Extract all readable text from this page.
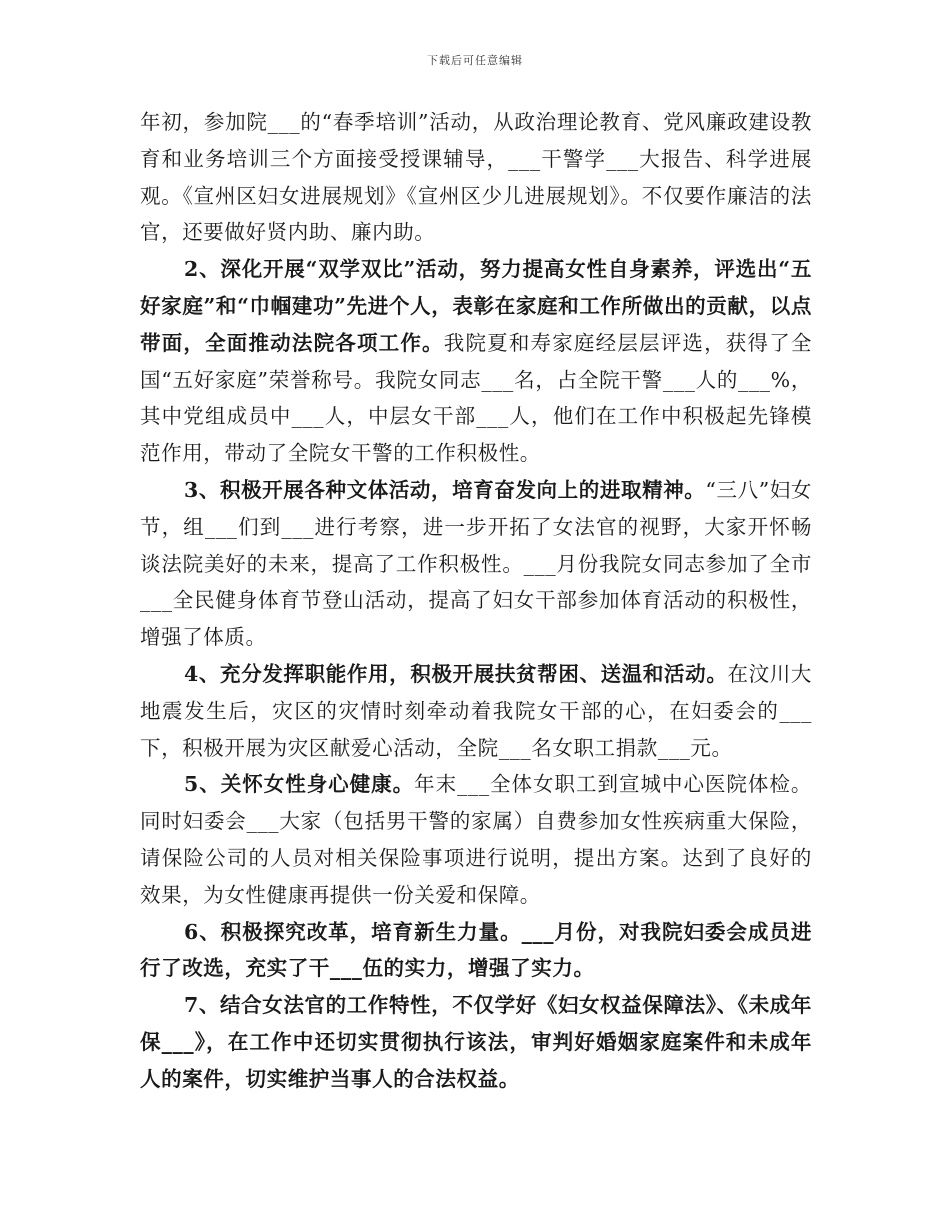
下载后可任意编辑

年初，参加院___的“春季培训”活动，从政治理论教育、党风廉政建设教育和业务培训三个方面接受授课辅导，___干警学___大报告、科学进展观。《宣州区妇女进展规划》《宣州区少儿进展规划》。不仅要作廉洁的法官，还要做好贤内助、廉内助。

2、深化开展“双学双比”活动，努力提高女性自身素养，评选出“五好家庭”和“巾帼建功”先进个人，表彰在家庭和工作所做出的贡献，以点带面，全面推动法院各项工作。我院夏和寿家庭经层层评选，获得了全国“五好家庭”荣誉称号。我院女同志___名，占全院干警___人的___%，其中党组成员中___人，中层女干部___人，他们在工作中积极起先锋模范作用，带动了全院女干警的工作积极性。

3、积极开展各种文体活动，培育奋发向上的进取精神。“三八”妇女节，组___们到___进行考察，进一步开拓了女法官的视野，大家开怀畅谈法院美好的未来，提高了工作积极性。___月份我院女同志参加了全市___全民健身体育节登山活动，提高了妇女干部参加体育活动的积极性，增强了体质。

4、充分发挥职能作用，积极开展扶贫帮困、送温和活动。在汶川大地震发生后，灾区的灾情时刻牵动着我院女干部的心，在妇委会的___下，积极开展为灾区献爱心活动，全院___名女职工捐款___元。

5、关怀女性身心健康。年末___全体女职工到宣城中心医院体检。同时妇委会___大家（包括男干警的家属）自费参加女性疾病重大保险，请保险公司的人员对相关保险事项进行说明，提出方案。达到了良好的效果，为女性健康再提供一份关爱和保障。

6、积极探究改革，培育新生力量。___月份，对我院妇委会成员进行了改选，充实了干___伍的实力，增强了实力。

7、结合女法官的工作特性，不仅学好《妇女权益保障法》、《未成年保___》，在工作中还切实贯彻执行该法，审判好婚姻家庭案件和未成年人的案件，切实维护当事人的合法权益。
